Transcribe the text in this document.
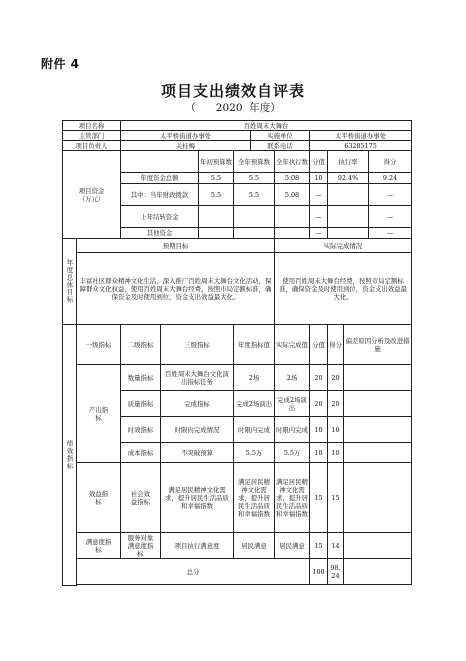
附件 4
项目支出绩效自评表
（      2020  年度）
项目名称		百姓周末大舞台									
主管部门		太平桥街道办事处				实施单位		太平桥街道办事处			
项目负责人		关桂梅				联系电话		63285175			
项目资金
（万元）				年初预算数	全年预算数		全年执行数	分值	执行率		得分
		年度资金总额		5.5	5.5		5.08	10	92.4%		9.24
		其中：当年财政拨款		5.5	5.5		5.08	—			—
		上年结转资金						—			—
		其他资金						—			—
年度总体目标	预期目标						实际完成情况				
	丰富社区群众精神文化生活，深入推广百姓周末大舞台文化活动，保障群众文化权益，使用百姓周末大舞台经费，按照市局定额标准，确保资金及时使用到位，资金支出效益最大化。						使用百姓周末大舞台经费，按照市局定额标准，确保资金及时使用到位，资金支出效益最大化。				
绩效指标	一级指标	二级指标	三级指标		年度指标值		实际完成值	分值	得分	偏差原因分析及改进措施	
	产出指标	数量指标	百姓周末大舞台文化演出指标任务		2场		2场	20	20		
		质量指标	完成指标		完成2场演出		完成2场演出	20	20		
		时效指标	时限内完成情况		时限内完成		时限内完成	10	10		
		成本指标	不突破预算		5.5万		5.5万	10	10		
	效益指标	社会效益指标	满足居民精神文化需求，提升居民生活品质和幸福指数		满足居民精神文化需求，提升居民生活品质和幸福指数		满足居民精神文化需求，提升居民生活品质和幸福指数	15	15		
	满意度指标	服务对象满意度指标	项目执行满意度		居民满意		居民满意	15	14		
	总分							100	98.24		
